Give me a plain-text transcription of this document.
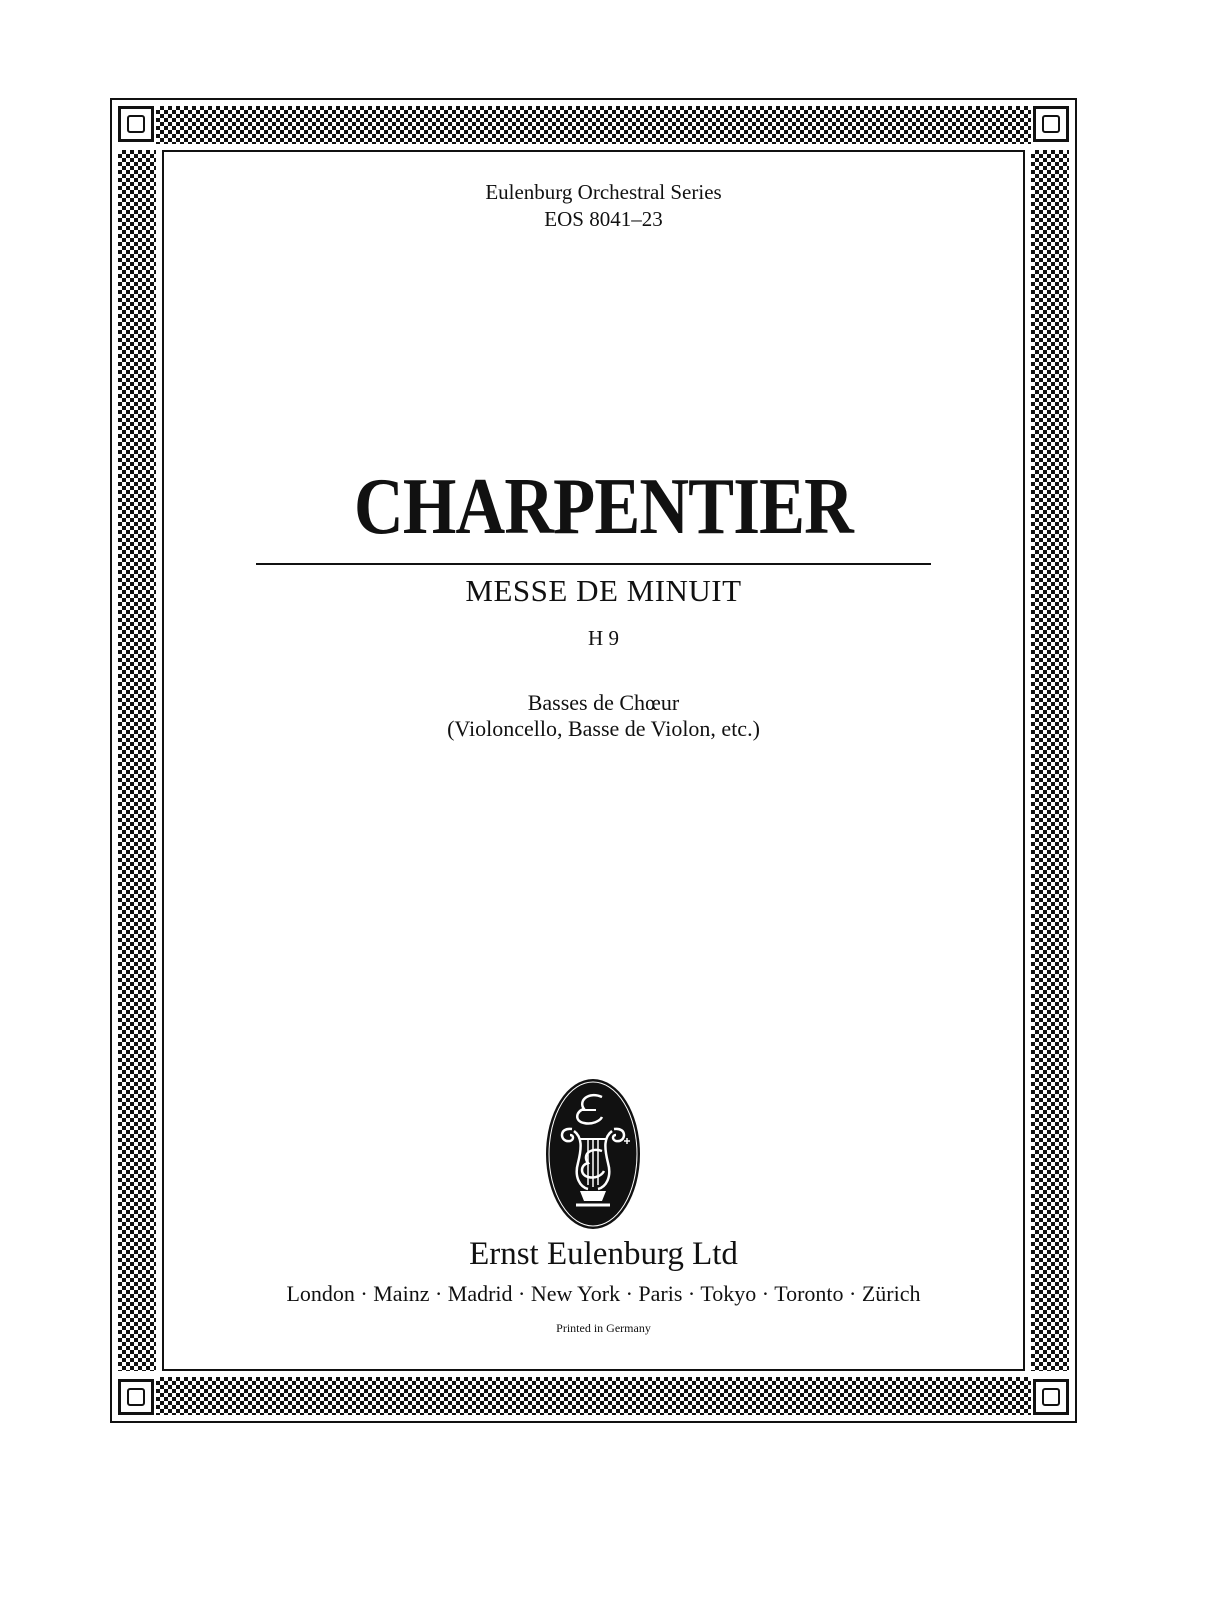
Eulenburg Orchestral Series
EOS 8041–23
CHARPENTIER
MESSE DE MINUIT
H 9
Basses de Chœur
(Violoncello, Basse de Violon, etc.)
Ernst Eulenburg Ltd
London · Mainz · Madrid · New York · Paris · Tokyo · Toronto · Zürich
Printed in Germany
